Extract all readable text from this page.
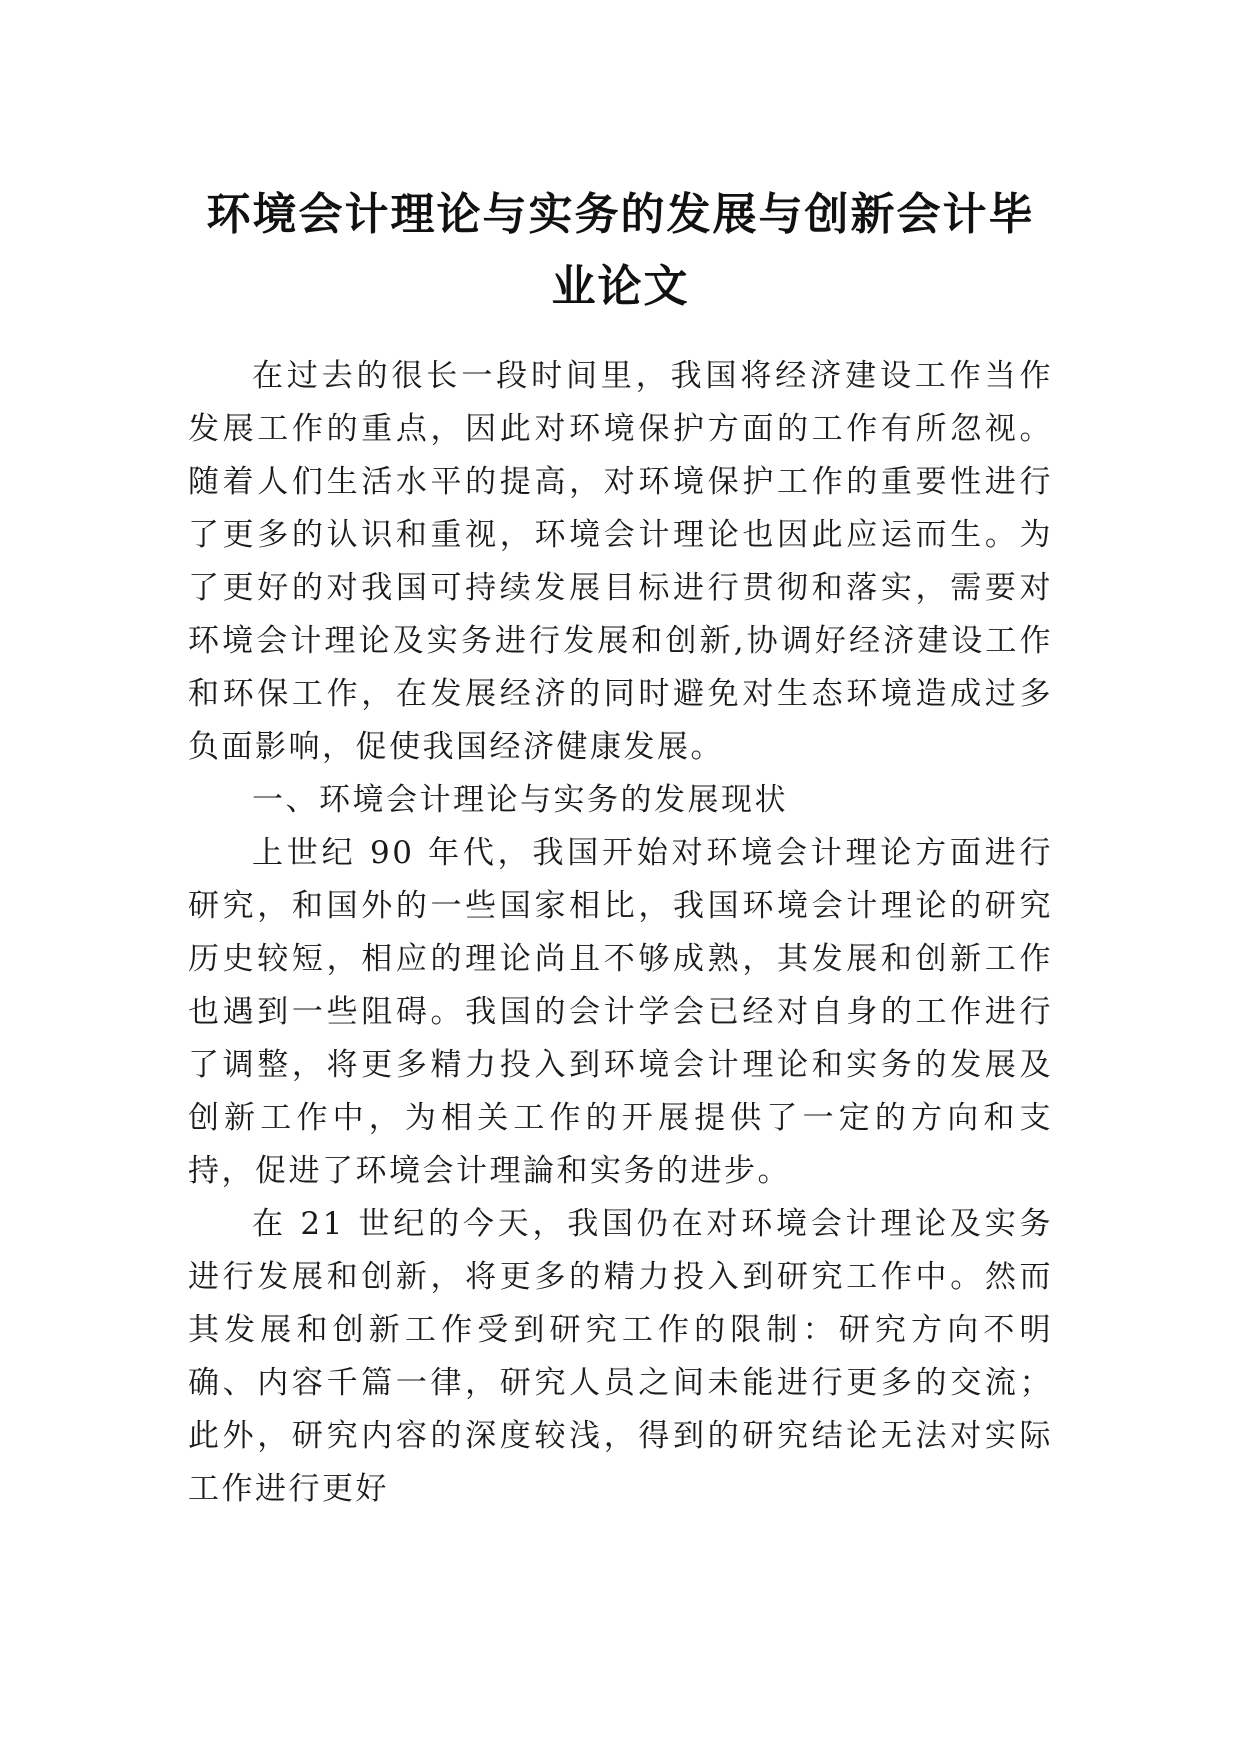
环境会计理论与实务的发展与创新会计毕
业论文

在过去的很长一段时间里，我国将经济建设工作当作发展工作的重点，因此对环境保护方面的工作有所忽视。随着人们生活水平的提高，对环境保护工作的重要性进行了更多的认识和重视，环境会计理论也因此应运而生。为了更好的对我国可持续发展目标进行贯彻和落实，需要对环境会计理论及实务进行发展和创新,协调好经济建设工作和环保工作，在发展经济的同时避免对生态环境造成过多负面影响，促使我国经济健康发展。

一、环境会计理论与实务的发展现状

上世纪 90 年代，我国开始对环境会计理论方面进行研究，和国外的一些国家相比，我国环境会计理论的研究历史较短，相应的理论尚且不够成熟，其发展和创新工作也遇到一些阻碍。我国的会计学会已经对自身的工作进行了调整，将更多精力投入到环境会计理论和实务的发展及创新工作中，为相关工作的开展提供了一定的方向和支持，促进了环境会计理論和实务的进步。

在 21 世纪的今天，我国仍在对环境会计理论及实务进行发展和创新，将更多的精力投入到研究工作中。然而其发展和创新工作受到研究工作的限制：研究方向不明确、内容千篇一律，研究人员之间未能进行更多的交流；此外，研究内容的深度较浅，得到的研究结论无法对实际工作进行更好
